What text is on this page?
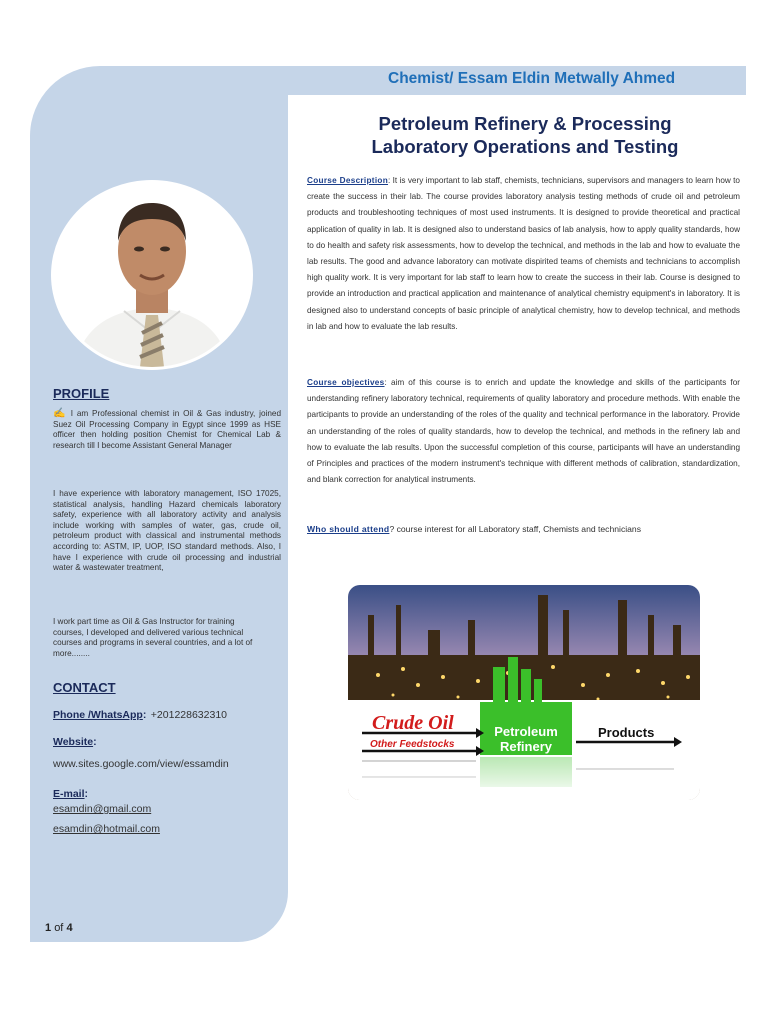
Chemist/ Essam Eldin Metwally Ahmed
Petroleum Refinery & Processing
Laboratory Operations and Testing
PROFILE
✍ I am Professional chemist in Oil & Gas industry, joined Suez Oil Processing Company in Egypt since 1999 as HSE officer then holding position Chemist for Chemical Lab & research till I become Assistant General Manager
I have experience with laboratory management, ISO 17025, statistical analysis, handling Hazard chemicals laboratory safety, experience with all laboratory activity and analysis include working with samples of water, gas, crude oil, petroleum product with classical and instrumental methods according to: ASTM, IP, UOP, ISO standard methods. Also, I have I experience with crude oil processing and industrial water & wastewater treatment,
I work part time as Oil & Gas Instructor for training courses, I developed and delivered various technical courses and programs in several countries, and a lot of more........
CONTACT
Phone /WhatsApp: +201228632310
Website:
www.sites.google.com/view/essamdin
E-mail:
esamdin@gmail.com
esamdin@hotmail.com
1 of 4
Course Description: It is very important to lab staff, chemists, technicians, supervisors and managers to learn how to create the success in their lab. The course provides laboratory analysis testing methods of crude oil and petroleum products and troubleshooting techniques of most used instruments. It is designed to provide theoretical and practical application of quality in lab. It is designed also to understand basics of lab analysis, how to apply quality standards, how to do health and safety risk assessments, how to develop the technical, and methods in the lab and how to evaluate the lab results. The good and advance laboratory can motivate dispirited teams of chemists and technicians to accomplish high quality work. It is very important for lab staff to learn how to create the success in their lab. Course is designed to provide an introduction and practical application and maintenance of analytical chemistry equipment's in laboratory. It is designed also to understand concepts of basic principle of analytical chemistry, how to develop technical, and methods in lab and how to evaluate the lab results.
Course objectives: aim of this course is to enrich and update the knowledge and skills of the participants for understanding refinery laboratory technical, requirements of quality laboratory and procedure methods. With enable the participants to provide an understanding of the roles of the quality and technical performance in the laboratory. Provide an understanding of the roles of quality standards, how to develop the technical, and methods in the refinery lab and how to evaluate the lab results. Upon the successful completion of this course, participants will have an understanding of Principles and practices of the modern instrument's technique with different methods of calibration, standardization, and blank correction for analytical instruments.
Who should attend? course interest for all Laboratory staff, Chemists and technicians
Petroleum
Refinery
Crude Oil
Other Feedstocks
Products
